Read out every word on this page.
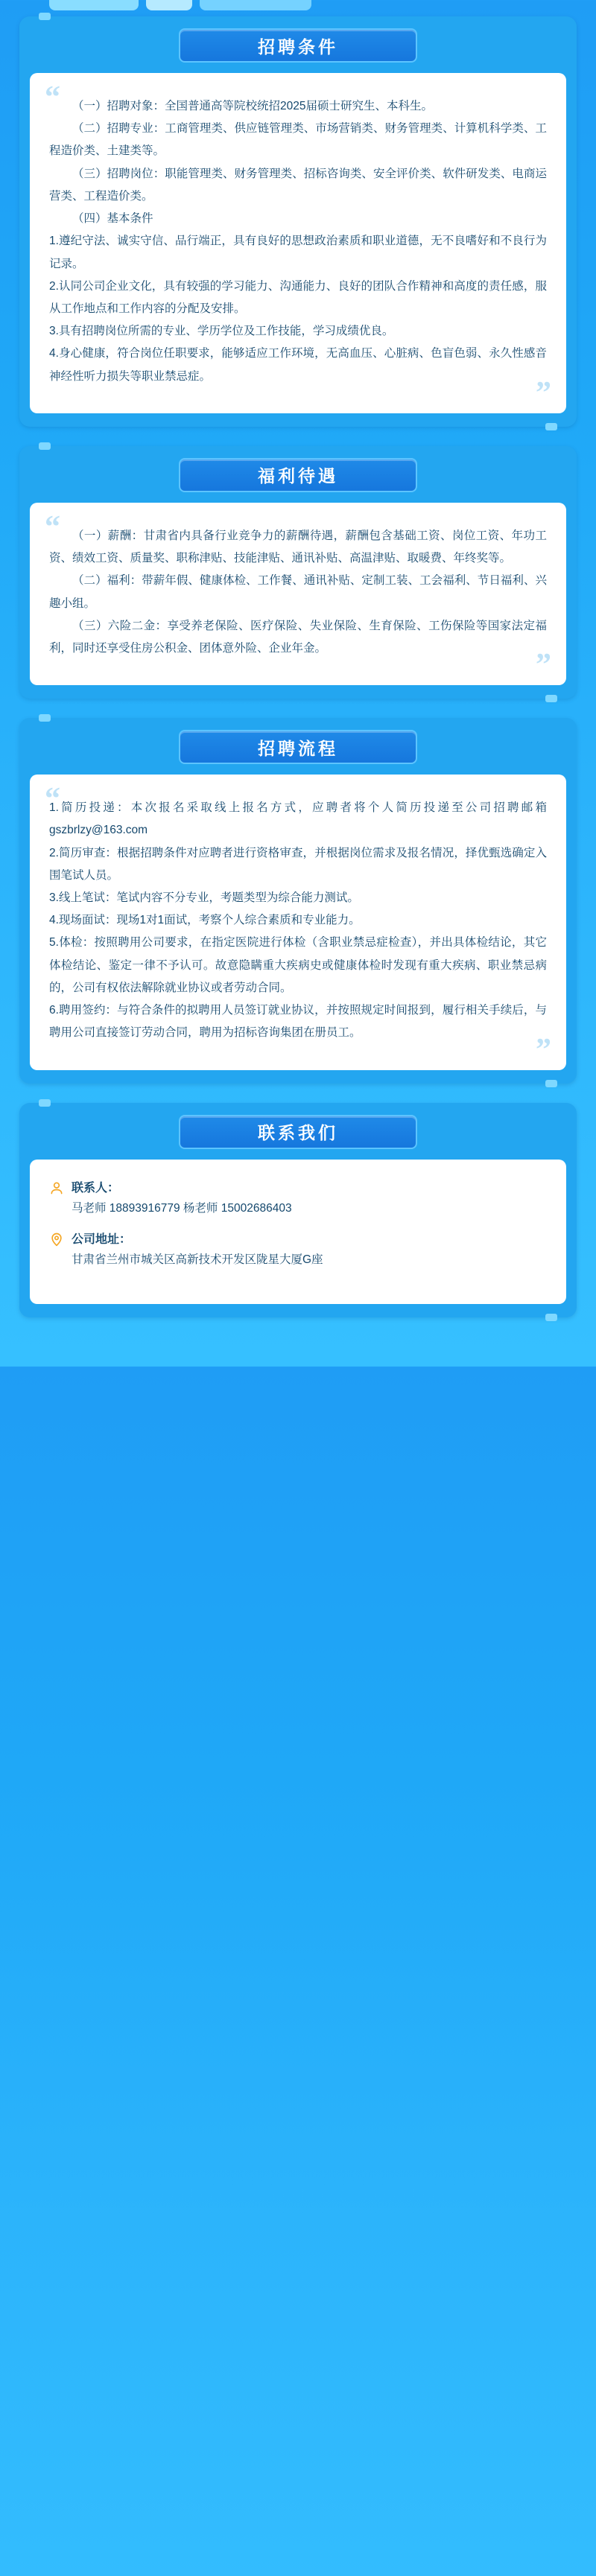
招聘条件
“
”

（一）招聘对象：全国普通高等院校统招2025届硕士研究生、本科生。

（二）招聘专业：工商管理类、供应链管理类、市场营销类、财务管理类、计算机科学类、工程造价类、土建类等。

（三）招聘岗位：职能管理类、财务管理类、招标咨询类、安全评价类、软件研发类、电商运营类、工程造价类。

（四）基本条件

1.遵纪守法、诚实守信、品行端正，具有良好的思想政治素质和职业道德，无不良嗜好和不良行为记录。

2.认同公司企业文化，具有较强的学习能力、沟通能力、良好的团队合作精神和高度的责任感，服从工作地点和工作内容的分配及安排。

3.具有招聘岗位所需的专业、学历学位及工作技能，学习成绩优良。

4.身心健康，符合岗位任职要求，能够适应工作环境，无高血压、心脏病、色盲色弱、永久性感音神经性听力损失等职业禁忌症。

福利待遇
“
”

（一）薪酬：甘肃省内具备行业竞争力的薪酬待遇，薪酬包含基础工资、岗位工资、年功工资、绩效工资、质量奖、职称津贴、技能津贴、通讯补贴、高温津贴、取暖费、年终奖等。

（二）福利：带薪年假、健康体检、工作餐、通讯补贴、定制工装、工会福利、节日福利、兴趣小组。

（三）六险二金：享受养老保险、医疗保险、失业保险、生育保险、工伤保险等国家法定福利，同时还享受住房公积金、团体意外险、企业年金。

招聘流程
“
”

1.简历投递：本次报名采取线上报名方式，应聘者将个人简历投递至公司招聘邮箱gszbrlzy@163.com

2.简历审查：根据招聘条件对应聘者进行资格审查，并根据岗位需求及报名情况，择优甄选确定入围笔试人员。

3.线上笔试：笔试内容不分专业，考题类型为综合能力测试。

4.现场面试：现场1对1面试，考察个人综合素质和专业能力。

5.体检：按照聘用公司要求，在指定医院进行体检（含职业禁忌症检查），并出具体检结论，其它体检结论、鉴定一律不予认可。故意隐瞒重大疾病史或健康体检时发现有重大疾病、职业禁忌病的，公司有权依法解除就业协议或者劳动合同。

6.聘用签约：与符合条件的拟聘用人员签订就业协议，并按照规定时间报到，履行相关手续后，与聘用公司直接签订劳动合同，聘用为招标咨询集团在册员工。

联系我们
联系人：
马老师 18893916779 杨老师 15002686403
公司地址：
甘肃省兰州市城关区高新技术开发区陇星大厦G座
